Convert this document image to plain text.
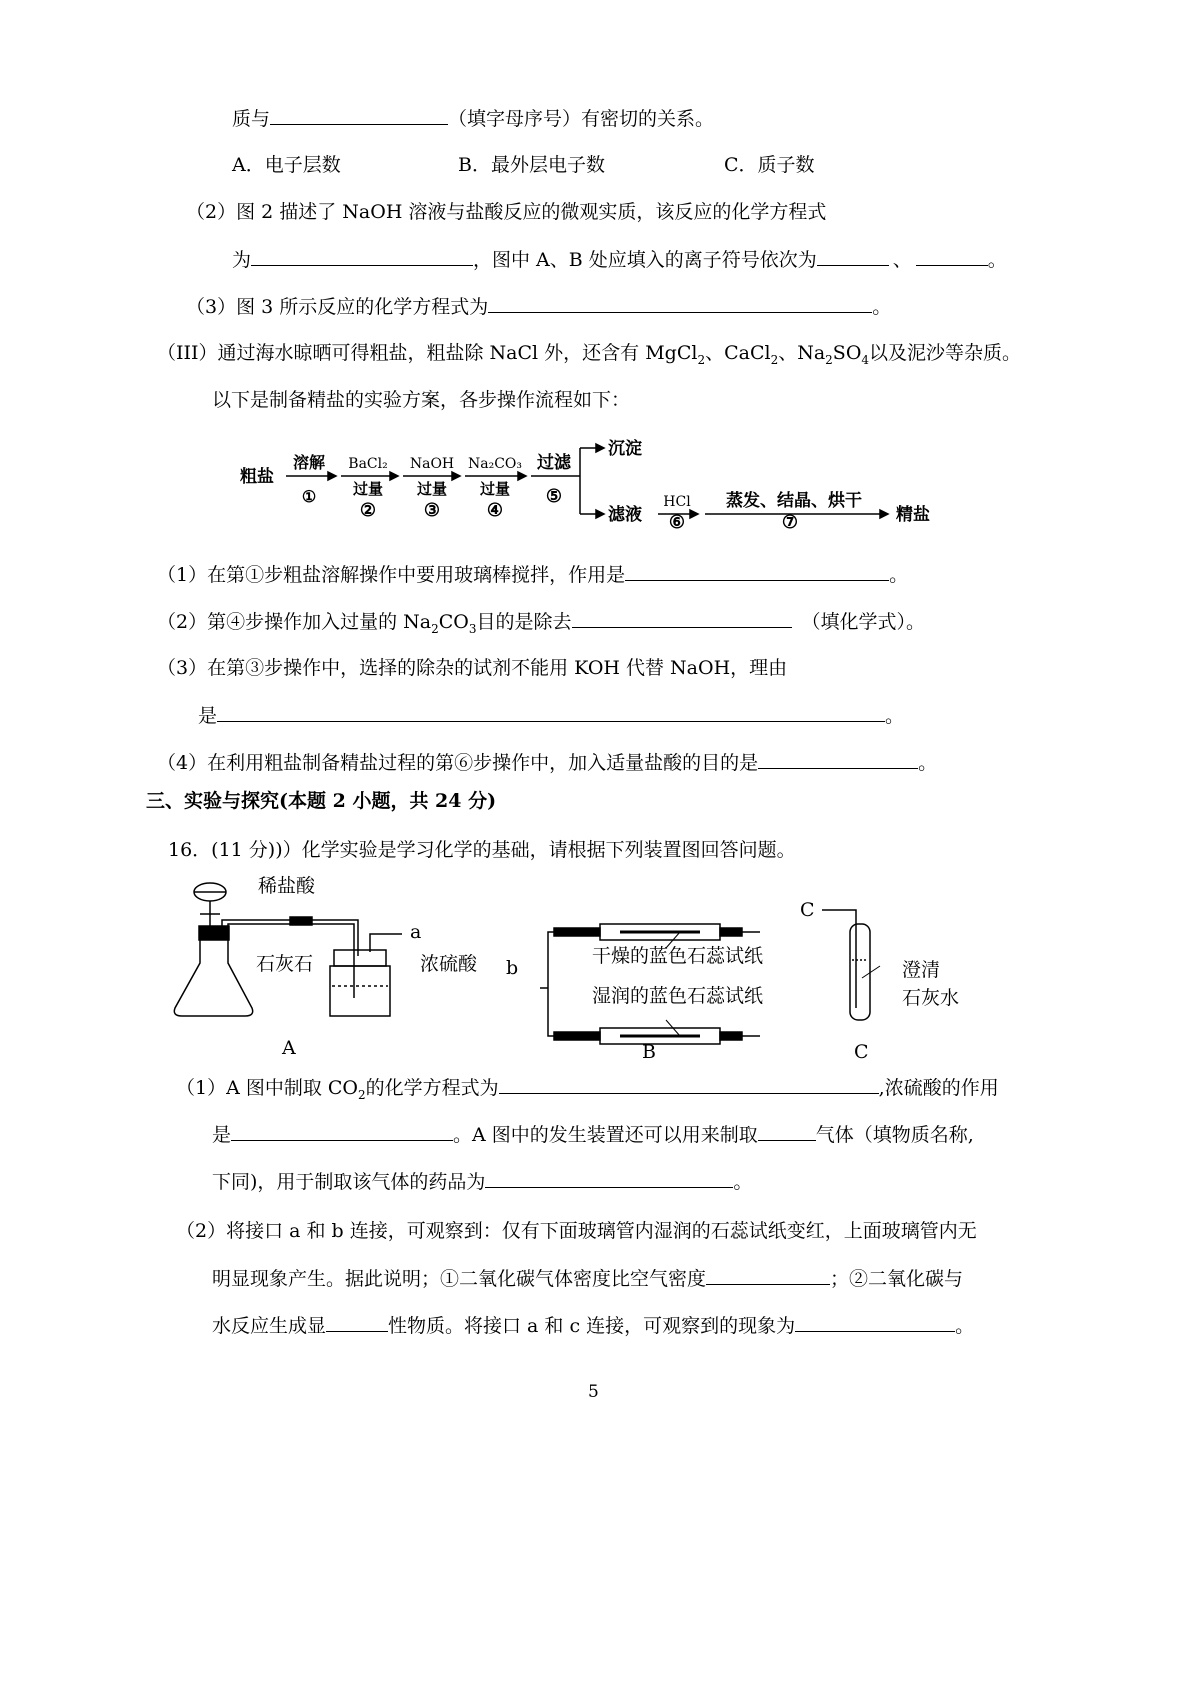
质与	（填字母序号）有密切的关系。
A．电子层数	B．最外层电子数	C．质子数
（2）图 2 描述了 NaOH 溶液与盐酸反应的微观实质，该反应的化学方程式
为	，图中 A、B 处应填入的离子符号依次为	、	。
（3）图 3 所示反应的化学方程式为	。
（III）通过海水晾晒可得粗盐，粗盐除 NaCl 外，还含有 MgCl$_2$、CaCl$_2$、$Na_2SO_4$以及泥沙等杂质。
以下是制备精盐的实验方案，各步操作流程如下：
粗盐
溶解
①
BaCl₂ NaOH Na₂CO₃
HCl
过量 过量 过量
②	③	④
⑤
⑥	⑦
过滤
沉淀
滤液
蒸发、结晶、烘干
精盐
（1）在第①步粗盐溶解操作中要用玻璃棒搅拌，作用是	。
（2）第④步操作加入过量的 $Na_2CO_3$目的是除去	（填化学式）。
（3）在第③步操作中，选择的除杂的试剂不能用 KOH 代替 NaOH，理由
是	。
（4）在利用粗盐制备精盐过程的第⑥步操作中，加入适量盐酸的目的是	。
三、实验与探究(本题 2 小题，共 24 分)
16．(11 分))）化学实验是学习化学的基础，请根据下列装置图回答问题。
稀盐酸
石灰石
a
浓硫酸
A
b
干燥的蓝色石蕊试纸
湿润的蓝色石蕊试纸
B
C
澄清
石灰水
C
（1）A 图中制取 $CO_2$的化学方程式为	,浓硫酸的作用
是	。A 图中的发生装置还可以用来制取	气体（填物质名称,
下同)，用于制取该气体的药品为	。
（2）将接口 a 和 b 连接，可观察到：仅有下面玻璃管内湿润的石蕊试纸变红，上面玻璃管内无
明显现象产生。据此说明；①二氧化碳气体密度比空气密度	；②二氧化碳与
水反应生成显	性物质。将接口 a 和 c 连接，可观察到的现象为	。
5
